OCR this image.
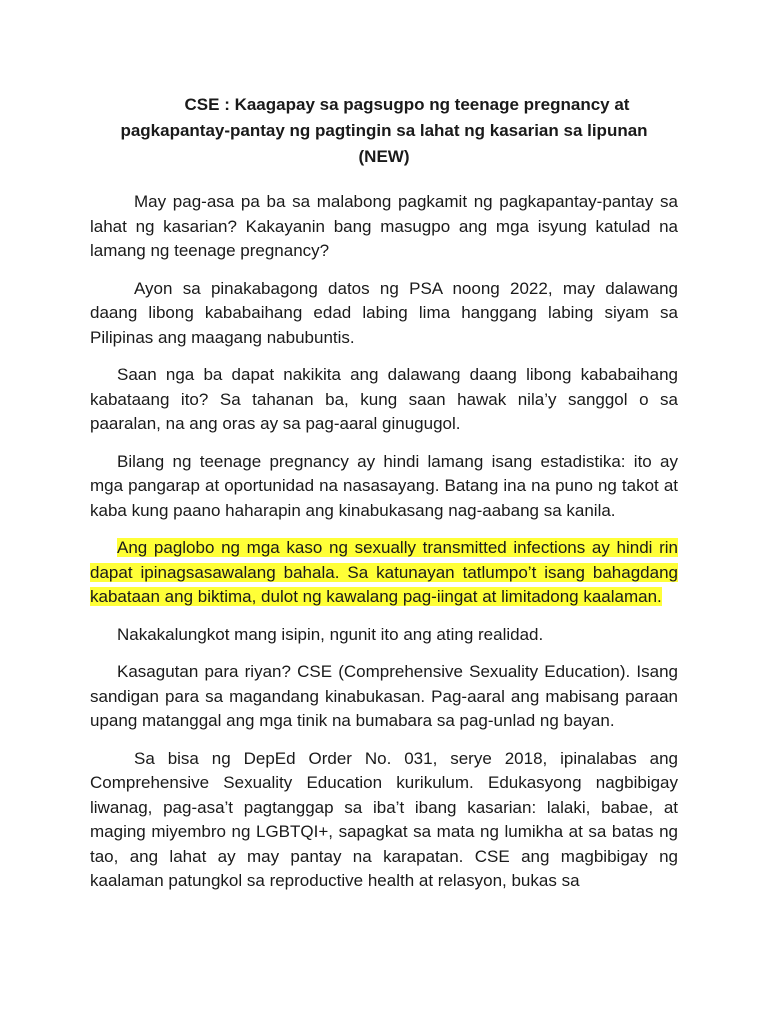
CSE : Kaagapay sa pagsugpo ng teenage pregnancy at
pagkapantay-pantay ng pagtingin sa lahat ng kasarian sa lipunan
(NEW)

May pag-asa pa ba sa malabong pagkamit ng pagkapantay-pantay sa lahat ng kasarian? Kakayanin bang masugpo ang mga isyung katulad na lamang ng teenage pregnancy?

Ayon sa pinakabagong datos ng PSA noong 2022, may dalawang daang libong kababaihang edad labing lima hanggang labing siyam sa Pilipinas ang maagang nabubuntis.

Saan nga ba dapat nakikita ang dalawang daang libong kababaihang kabataang ito? Sa tahanan ba, kung saan hawak nila’y sanggol o sa paaralan, na ang oras ay sa pag-aaral ginugugol.

Bilang ng teenage pregnancy ay hindi lamang isang estadistika: ito ay mga pangarap at oportunidad na nasasayang. Batang ina na puno ng takot at kaba kung paano haharapin ang kinabukasang nag-aabang sa kanila.

Ang paglobo ng mga kaso ng sexually transmitted infections ay hindi rin dapat ipinagsasawalang bahala. Sa katunayan tatlumpo’t isang bahagdang kabataan ang biktima, dulot ng kawalang pag-iingat at limitadong kaalaman.

Nakakalungkot mang isipin, ngunit ito ang ating realidad.

Kasagutan para riyan? CSE (Comprehensive Sexuality Education). Isang sandigan para sa magandang kinabukasan. Pag-aaral ang mabisang paraan upang matanggal ang mga tinik na bumabara sa pag-unlad ng bayan.

Sa bisa ng DepEd Order No. 031, serye 2018, ipinalabas ang Comprehensive Sexuality Education kurikulum. Edukasyong nagbibigay liwanag, pag-asa’t pagtanggap sa iba’t ibang kasarian: lalaki, babae, at maging miyembro ng LGBTQI+, sapagkat sa mata ng lumikha at sa batas ng tao, ang lahat ay may pantay na karapatan. CSE ang magbibigay ng kaalaman patungkol sa reproductive health at relasyon, bukas sa
